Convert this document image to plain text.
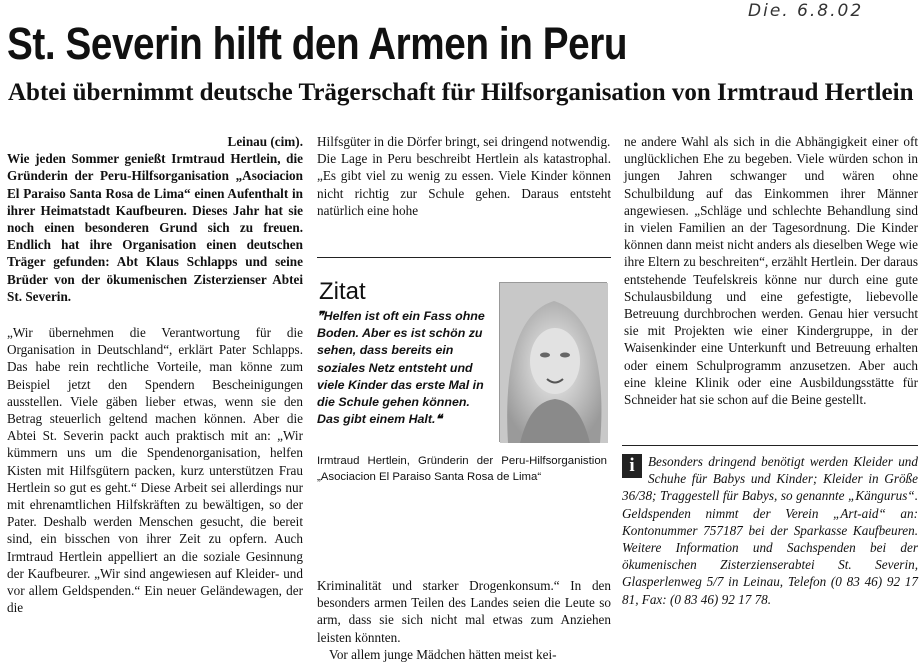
Die. 6.8.02
St. Severin hilft den Armen in Peru
Abtei übernimmt deutsche Trägerschaft für Hilfsorganisation von Irmtraud Hertlein

Leinau (cim).

Wie jeden Sommer genießt Irmtraud Hertlein, die Gründerin der Peru-Hilfsorganisation „Asociacion El Paraiso Santa Rosa de Lima“ einen Aufenthalt in ihrer Heimatstadt Kaufbeuren. Dieses Jahr hat sie noch einen besonderen Grund sich zu freuen. Endlich hat ihre Organisation einen deutschen Träger gefunden: Abt Klaus Schlapps und seine Brüder von der ökumenischen Zisterzienser Abtei St. Severin.

„Wir übernehmen die Verantwortung für die Organisation in Deutschland“, erklärt Pater Schlapps. Das habe rein rechtliche Vorteile, man könne zum Beispiel jetzt den Spendern Bescheinigungen ausstellen. Viele gäben lieber etwas, wenn sie den Betrag steuerlich geltend machen können. Aber die Abtei St. Severin packt auch praktisch mit an: „Wir kümmern uns um die Spendenorganisation, helfen Kisten mit Hilfsgütern packen, kurz unterstützen Frau Hertlein so gut es geht.“ Diese Arbeit sei allerdings nur mit ehrenamtlichen Hilfskräften zu bewältigen, so der Pater. Deshalb werden Menschen gesucht, die bereit sind, ein bisschen von ihrer Zeit zu opfern. Auch Irmtraud Hertlein appelliert an die soziale Gesinnung der Kaufbeurer. „Wir sind angewiesen auf Kleider- und vor allem Geldspenden.“ Ein neuer Geländewagen, der die

Hilfsgüter in die Dörfer bringt, sei dringend notwendig.

Die Lage in Peru beschreibt Hertlein als katastrophal. „Es gibt viel zu wenig zu essen. Viele Kinder können nicht richtig zur Schule gehen. Daraus entsteht natürlich eine hohe

Zitat
❞Helfen ist oft ein Fass ohne Boden. Aber es ist schön zu sehen, dass bereits ein soziales Netz entsteht und viele Kinder das erste Mal in die Schule gehen können. Das gibt einem Halt.❝
Irmtraud Hertlein, Gründerin der Peru-Hilfsorganistion „Asociacion El Paraiso Santa Rosa de Lima“

Kriminalität und starker Drogenkonsum.“ In den besonders armen Teilen des Landes seien die Leute so arm, dass sie sich nicht mal etwas zum Anziehen leisten könnten.

Vor allem junge Mädchen hätten meist kei-

ne andere Wahl als sich in die Abhängigkeit einer oft unglücklichen Ehe zu begeben. Viele würden schon in jungen Jahren schwanger und wären ohne Schulbildung auf das Einkommen ihrer Männer angewiesen. „Schläge und schlechte Behandlung sind in vielen Familien an der Tagesordnung. Die Kinder können dann meist nicht anders als dieselben Wege wie ihre Eltern zu beschreiten“, erzählt Hertlein. Der daraus entstehende Teufelskreis könne nur durch eine gute Schulausbildung und eine gefestigte, liebevolle Betreuung durchbrochen werden. Genau hier versucht sie mit Projekten wie einer Kindergruppe, in der Waisenkinder eine Unterkunft und Betreuung erhalten oder einem Schulprogramm anzusetzen. Aber auch eine kleine Klinik oder eine Ausbildungsstätte für Schneider hat sie schon auf die Beine gestellt.

i	Besonders dringend benötigt werden Kleider und Schuhe für Babys und Kinder; Kleider in Größe 36/38; Traggestell für Babys, so genannte „Kängurus“. Geldspenden nimmt der Verein „Art-aid“ an: Kontonummer 757187 bei der Sparkasse Kaufbeuren. Weitere Information und Sachspenden bei der ökumenischen Zisterzienserabtei St. Severin, Glasperlenweg 5/7 in Leinau, Telefon (0 83 46) 92 17 81, Fax: (0 83 46) 92 17 78.
